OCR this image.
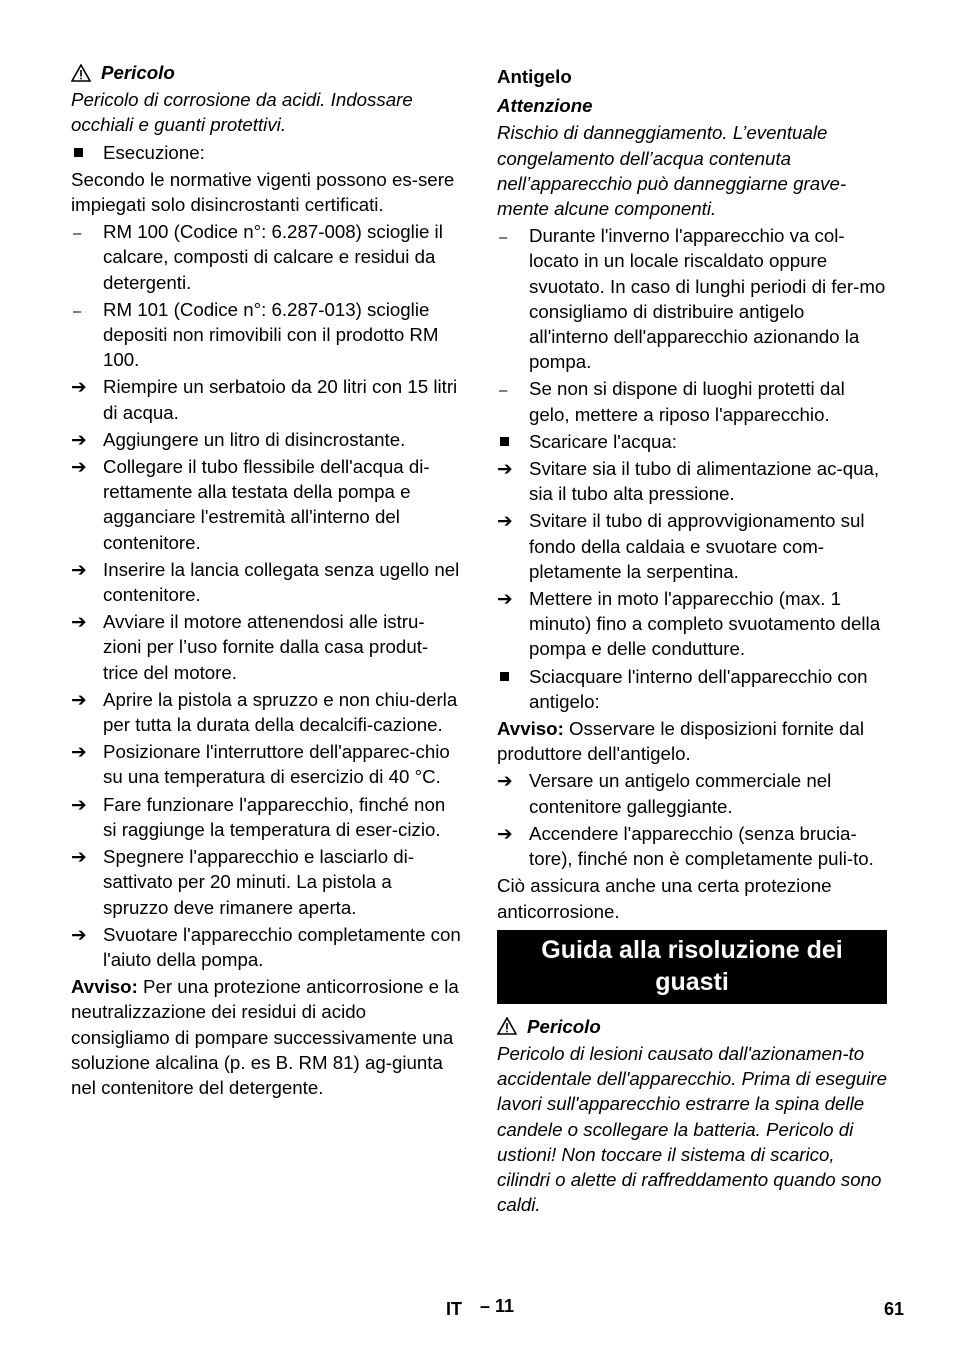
Pericolo
Pericolo di corrosione da acidi. Indossare occhiali e guanti protettivi.
Esecuzione:
Secondo le normative vigenti possono es-sere impiegati solo disincrostanti certificati.
–	RM 100 (Codice n°: 6.287-008) scioglie il calcare, composti di calcare e residui da detergenti.
–	RM 101 (Codice n°: 6.287-013) scioglie depositi non rimovibili con il prodotto RM 100.
➔ Riempire un serbatoio da 20 litri con 15 litri di acqua.
➔ Aggiungere un litro di disincrostante.
➔ Collegare il tubo flessibile dell'acqua di-rettamente alla testata della pompa e agganciare l'estremità all'interno del contenitore.
➔ Inserire la lancia collegata senza ugello nel contenitore.
➔ Avviare il motore attenendosi alle istru-zioni per l’uso fornite dalla casa produt-trice del motore.
➔ Aprire la pistola a spruzzo e non chiu-derla per tutta la durata della decalcifi-cazione.
➔ Posizionare l'interruttore dell'apparec-chio su una temperatura di esercizio di 40 °C.
➔ Fare funzionare l'apparecchio, finché non si raggiunge la temperatura di eser-cizio.
➔ Spegnere l'apparecchio e lasciarlo di-sattivato per 20 minuti. La pistola a spruzzo deve rimanere aperta.
➔ Svuotare l'apparecchio completamente con l'aiuto della pompa.
Avviso: Per una protezione anticorrosione e la neutralizzazione dei residui di acido consigliamo di pompare successivamente una soluzione alcalina (p. es B. RM 81) ag-giunta nel contenitore del detergente.
Antigelo
Attenzione
Rischio di danneggiamento. L’eventuale congelamento dell’acqua contenuta nell’apparecchio può danneggiarne grave-mente alcune componenti.
–	Durante l'inverno l'apparecchio va col-locato in un locale riscaldato oppure svuotato. In caso di lunghi periodi di fer-mo consigliamo di distribuire antigelo all'interno dell'apparecchio azionando la pompa.
–	Se non si dispone di luoghi protetti dal gelo, mettere a riposo l'apparecchio.
Scaricare l'acqua:
➔ Svitare sia il tubo di alimentazione ac-qua, sia il tubo alta pressione.
➔ Svitare il tubo di approvvigionamento sul fondo della caldaia e svuotare com-pletamente la serpentina.
➔ Mettere in moto l'apparecchio (max. 1 minuto) fino a completo svuotamento della pompa e delle condutture.
Sciacquare l'interno dell'apparecchio con antigelo:
Avviso: Osservare le disposizioni fornite dal produttore dell'antigelo.
➔ Versare un antigelo commerciale nel contenitore galleggiante.
➔ Accendere l'apparecchio (senza brucia-tore), finché non è completamente puli-to.
Ciò assicura anche una certa protezione anticorrosione.
Guida alla risoluzione dei guasti
Pericolo
Pericolo di lesioni causato dall'azionamen-to accidentale dell'apparecchio. Prima di eseguire lavori sull'apparecchio estrarre la spina delle candele o scollegare la batteria. Pericolo di ustioni! Non toccare il sistema di scarico, cilindri o alette di raffreddamento quando sono caldi.
IT – 11	61
